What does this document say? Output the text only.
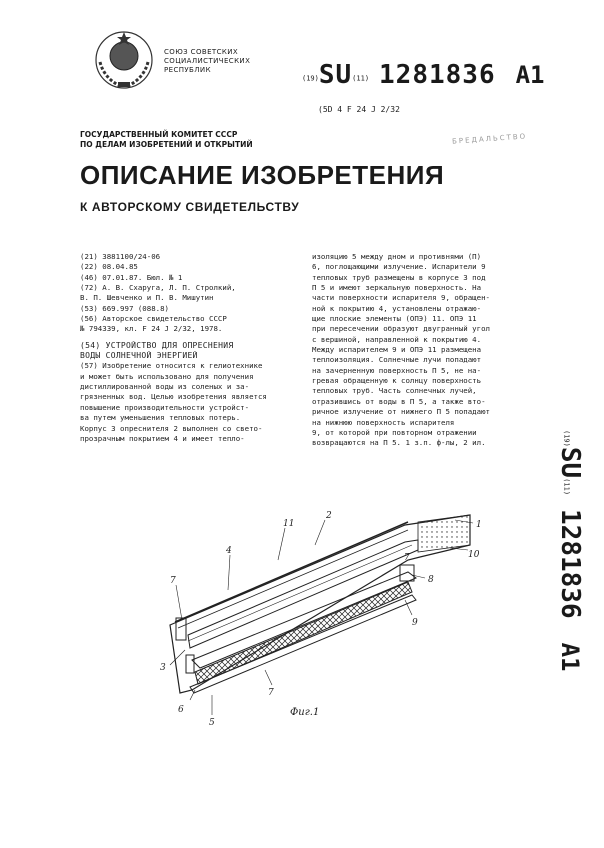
СОЮЗ СОВЕТСКИХ
СОЦИАЛИСТИЧЕСКИХ
РЕСПУБЛИК
(19)SU(11) 1281836 A1
(5D 4 F 24 J 2/32
БРЕДАЛЬСТВО
ГОСУДАРСТВЕННЫЙ КОМИТЕТ СССР
ПО ДЕЛАМ ИЗОБРЕТЕНИЙ И ОТКРЫТИЙ
ОПИСАНИЕ ИЗОБРЕТЕНИЯ
К АВТОРСКОМУ СВИДЕТЕЛЬСТВУ
(21) 3881100/24-06
(22) 08.04.85
(46) 07.01.87. Бюл. № 1
(72) А. В. Схаруга, Л. П. Стролкий,
В. П. Шевченко и П. В. Мишутин
(53) 669.997 (088.8)
(56) Авторское свидетельство СССР
№ 794339, кл. F 24 J 2/32, 1978.
(54) УСТРОЙСТВО ДЛЯ ОПРЕСНЕНИЯ
ВОДЫ СОЛНЕЧНОЙ ЭНЕРГИЕЙ
(57) Изобретение относится к гелиотехнике
и может быть использовано для получения
дистиллированной воды из соленых и за-
грязненных вод. Целью изобретения является
повышение производительности устройст-
ва путем уменьшения тепловых потерь.
Корпус 3 опреснителя 2 выполнен со свето-
прозрачным покрытием 4 и имеет тепло-
изоляцию 5 между дном и противнями (П)
6, поглощающими излучение. Испарители 9
тепловых труб размещены в корпусе 3 под
П 5 и имеют зеркальную поверхность. На
части поверхности испарителя 9, обращен-
ной к покрытию 4, установлены отражаю-
щие плоские элементы (ОПЭ) 11. ОПЭ 11
при пересечении образуют двугранный угол
с вершиной, направленной к покрытию 4.
Между испарителем 9 и ОПЭ 11 размещена
теплоизоляция. Солнечные лучи попадают
на зачерненную поверхность П 5, не на-
гревая обращенную к солнцу поверхность
тепловых труб. Часть солнечных лучей,
отразившись от воды в П 5, а также вто-
ричное излучение от нижнего П 5 попадают
на нижнюю поверхность испарителя
9, от которой при повторном отражении
возвращаются на П 5. 1 з.п. ф-лы, 2 ил.	(19)SU(11)1281836A1
1
2
3
4
5
6
7
7
7
8
9
10
11
Фиг.1
